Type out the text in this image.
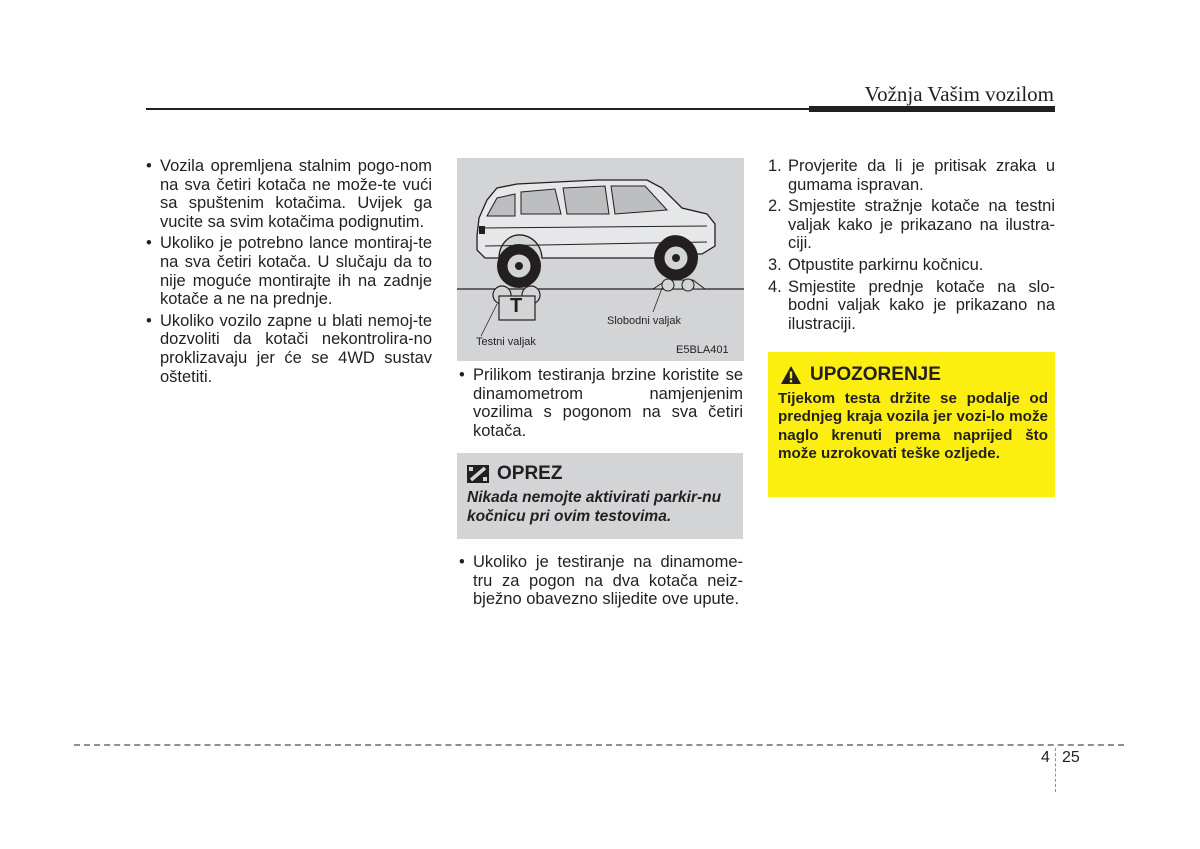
Vožnja Vašim vozilom
• Vozila opremljena stalnim pogo-nom na sva četiri kotača ne može-te vući sa spuštenim kotačima. Uvijek ga vucite sa svim kotačima podignutim.
• Ukoliko je potrebno lance montiraj-te na sva četiri kotača. U slučaju da to nije moguće montirajte ih na zadnje kotače a ne na prednje.
• Ukoliko vozilo zapne u blati nemoj-te dozvoliti da kotači nekontrolira-no proklizavaju jer će se 4WD sustav oštetiti.
T
Testni valjak
Slobodni valjak
E5BLA401
• Prilikom testiranja brzine koristite se dinamometrom namjenjenim vozilima s pogonom na sva četiri kotača.
OPREZ
Nikada nemojte aktivirati parkir-nu kočnicu pri ovim testovima.
• Ukoliko je testiranje na dinamome-tru za pogon na dva kotača neiz-bježno obavezno slijedite ove upute.
1. Provjerite da li je pritisak zraka u gumama ispravan.
2. Smjestite stražnje kotače na testni valjak kako je prikazano na ilustra-ciji.
3. Otpustite parkirnu kočnicu.
4. Smjestite prednje kotače na slo-bodni valjak kako je prikazano na ilustraciji.
UPOZORENJE
Tijekom testa držite se podalje od prednjeg kraja vozila jer vozi-lo može naglo krenuti prema naprijed što može uzrokovati teške ozljede.
4 25
